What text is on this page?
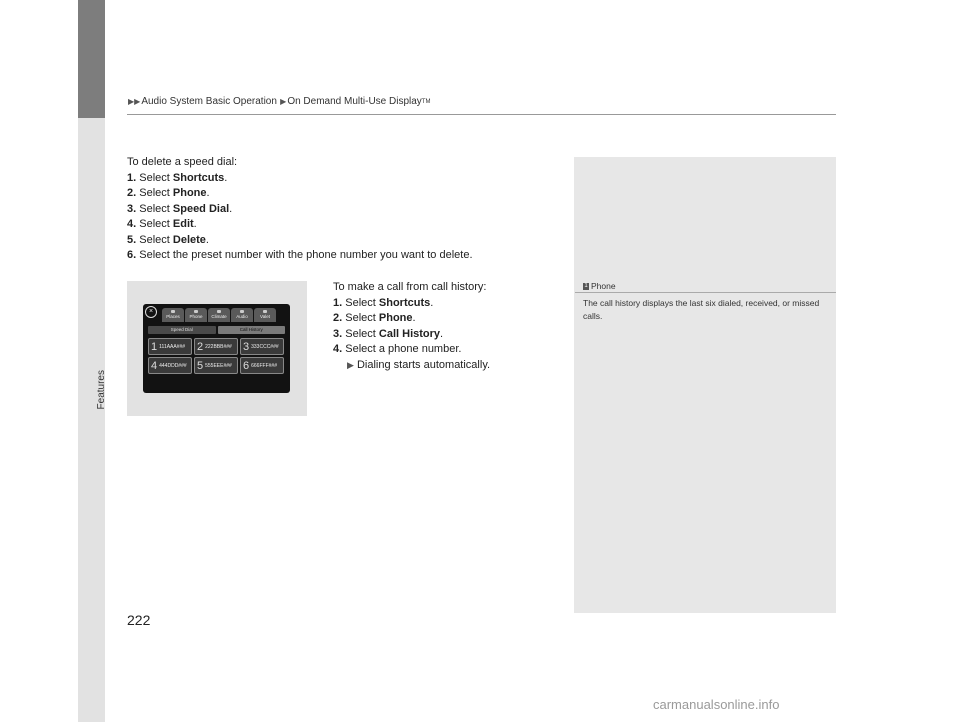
Features
▶▶ Audio System Basic Operation ▶ On Demand Multi-Use Display TM
To delete a speed dial:
1. Select Shortcuts.
2. Select Phone.
3. Select Speed Dial.
4. Select Edit.
5. Select Delete.
6. Select the preset number with the phone number you want to delete.
To make a call from call history:
1. Select Shortcuts.
2. Select Phone.
3. Select Call History.
4. Select a phone number.
▶ Dialing starts automatically.
×
Places	Phone	Climate	Audio	Valet
Speed Dial	Call History
1 111AAA### 2 222BBB### 3 333CCC###
4 444DDD### 5 555EEE### 6 666FFF###
1 Phone
The call history displays the last six dialed, received, or missed calls.
222
carmanualsonline.info
